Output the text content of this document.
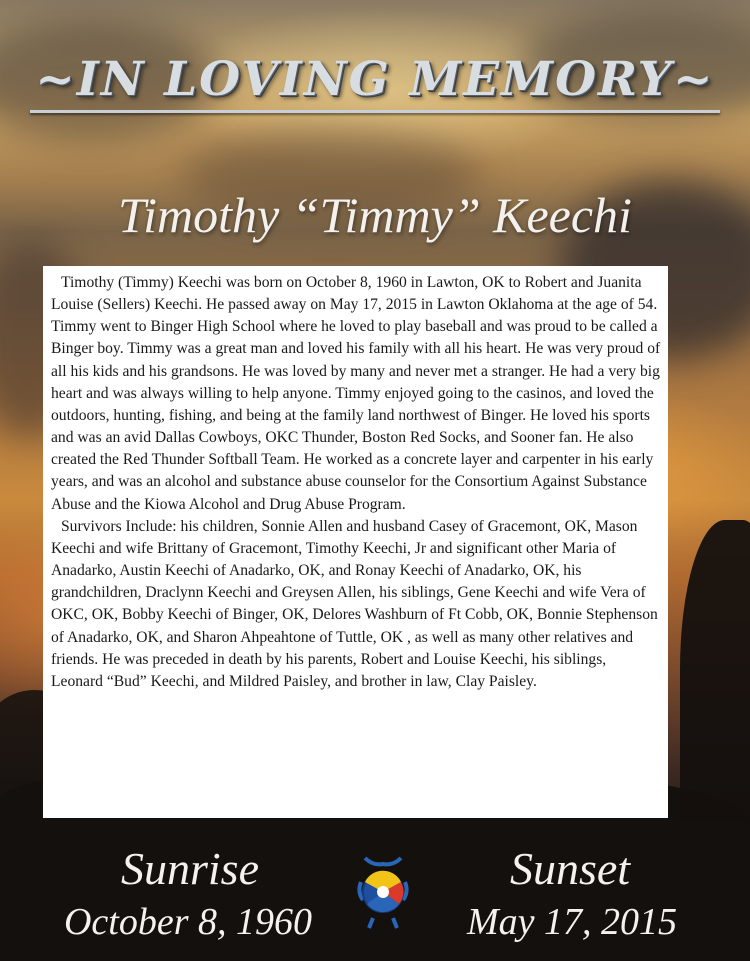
~IN LOVING MEMORY~
Timothy “Timmy” Keechi

Timothy (Timmy) Keechi was born on October 8, 1960 in Lawton, OK to Robert and Juanita Louise (Sellers) Keechi. He passed away on May 17, 2015 in Lawton Oklahoma at the age of 54. Timmy went to Binger High School where he loved to play baseball and was proud to be called a Binger boy. Timmy was a great man and loved his family with all his heart. He was very proud of all his kids and his grandsons. He was loved by many and never met a stranger. He had a very big heart and was always willing to help anyone. Timmy enjoyed going to the casinos, and loved the outdoors, hunting, fishing, and being at the family land northwest of Binger. He loved his sports and was an avid Dallas Cowboys, OKC Thunder, Boston Red Socks, and Sooner fan. He also created the Red Thunder Softball Team. He worked as a concrete layer and carpenter in his early years, and was an alcohol and substance abuse counselor for the Consortium Against Substance Abuse and the Kiowa Alcohol and Drug Abuse Program.

Survivors Include: his children, Sonnie Allen and husband Casey of Gracemont, OK, Mason Keechi and wife Brittany of Gracemont, Timothy Keechi, Jr and significant other Maria of Anadarko, Austin Keechi of Anadarko, OK, and Ronay Keechi of Anadarko, OK, his grandchildren, Draclynn Keechi and Greysen Allen, his siblings, Gene Keechi and wife Vera of OKC, OK, Bobby Keechi of Binger, OK, Delores Washburn of Ft Cobb, OK, Bonnie Stephenson of Anadarko, OK, and Sharon Ahpeahtone of Tuttle, OK , as well as many other relatives and friends. He was preceded in death by his parents, Robert and Louise Keechi, his siblings, Leonard “Bud” Keechi, and Mildred Paisley, and brother in law, Clay Paisley.

Sunrise
October 8, 1960
Sunset
May 17, 2015
